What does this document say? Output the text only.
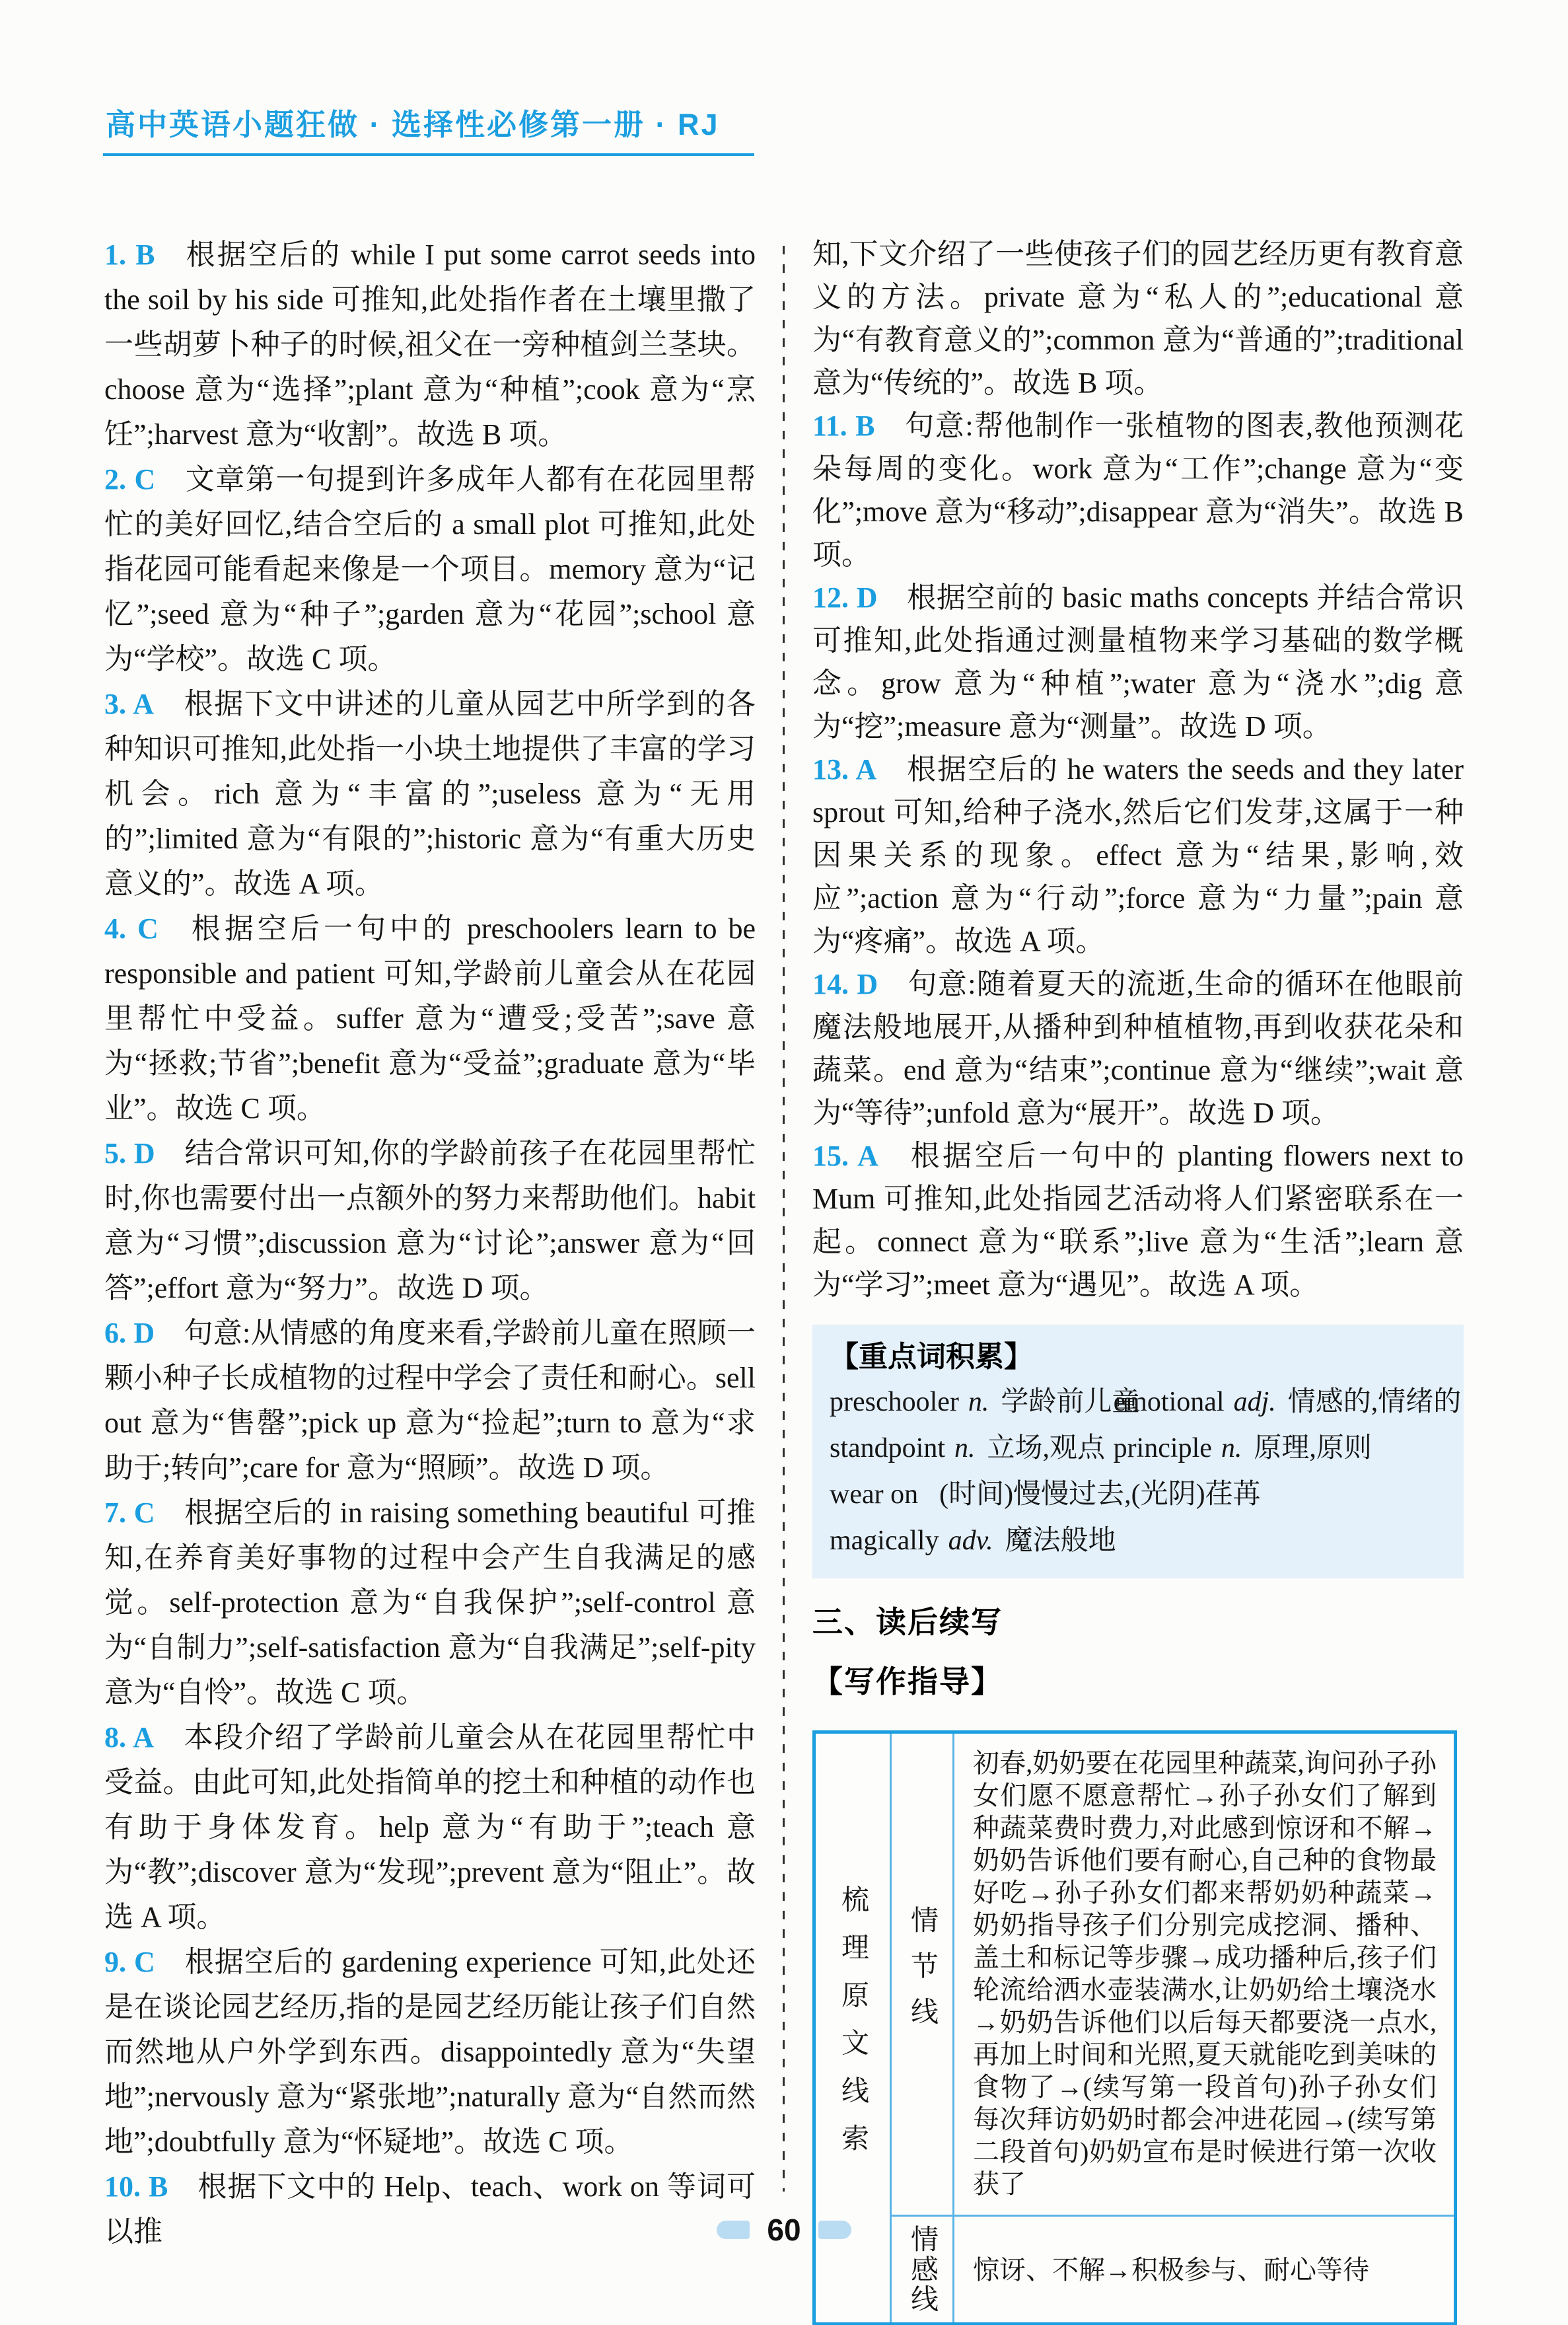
高中英语小题狂做 · 选择性必修第一册 · RJ

1. B 根据空后的 while I put some carrot seeds into the soil by his side 可推知,此处指作者在土壤里撒了一些胡萝卜种子的时候,祖父在一旁种植剑兰茎块。choose 意为“选择”;plant 意为“种植”;cook 意为“烹饪”;harvest 意为“收割”。故选 B 项。

2. C 文章第一句提到许多成年人都有在花园里帮忙的美好回忆,结合空后的 a small plot 可推知,此处指花园可能看起来像是一个项目。memory 意为“记忆”;seed 意为“种子”;garden 意为“花园”;school 意为“学校”。故选 C 项。

3. A 根据下文中讲述的儿童从园艺中所学到的各种知识可推知,此处指一小块土地提供了丰富的学习机会。rich 意为“丰富的”;useless 意为“无用的”;limited 意为“有限的”;historic 意为“有重大历史意义的”。故选 A 项。

4. C 根据空后一句中的 preschoolers learn to be responsible and patient 可知,学龄前儿童会从在花园里帮忙中受益。suffer 意为“遭受;受苦”;save 意为“拯救;节省”;benefit 意为“受益”;graduate 意为“毕业”。故选 C 项。

5. D 结合常识可知,你的学龄前孩子在花园里帮忙时,你也需要付出一点额外的努力来帮助他们。habit 意为“习惯”;discussion 意为“讨论”;answer 意为“回答”;effort 意为“努力”。故选 D 项。

6. D 句意:从情感的角度来看,学龄前儿童在照顾一颗小种子长成植物的过程中学会了责任和耐心。sell out 意为“售罄”;pick up 意为“捡起”;turn to 意为“求助于;转向”;care for 意为“照顾”。故选 D 项。

7. C 根据空后的 in raising something beautiful 可推知,在养育美好事物的过程中会产生自我满足的感觉。self-protection 意为“自我保护”;self-control 意为“自制力”;self-satisfaction 意为“自我满足”;self-pity 意为“自怜”。故选 C 项。

8. A 本段介绍了学龄前儿童会从在花园里帮忙中受益。由此可知,此处指简单的挖土和种植的动作也有助于身体发育。help 意为“有助于”;teach 意为“教”;discover 意为“发现”;prevent 意为“阻止”。故选 A 项。

9. C 根据空后的 gardening experience 可知,此处还是在谈论园艺经历,指的是园艺经历能让孩子们自然而然地从户外学到东西。disappointedly 意为“失望地”;nervously 意为“紧张地”;naturally 意为“自然而然地”;doubtfully 意为“怀疑地”。故选 C 项。

10. B 根据下文中的 Help、teach、work on 等词可以推

知,下文介绍了一些使孩子们的园艺经历更有教育意义的方法。private 意为“私人的”;educational 意为“有教育意义的”;common 意为“普通的”;traditional 意为“传统的”。故选 B 项。

11. B 句意:帮他制作一张植物的图表,教他预测花朵每周的变化。work 意为“工作”;change 意为“变化”;move 意为“移动”;disappear 意为“消失”。故选 B 项。

12. D 根据空前的 basic maths concepts 并结合常识可推知,此处指通过测量植物来学习基础的数学概念。grow 意为“种植”;water 意为“浇水”;dig 意为“挖”;measure 意为“测量”。故选 D 项。

13. A 根据空后的 he waters the seeds and they later sprout 可知,给种子浇水,然后它们发芽,这属于一种因果关系的现象。effect 意为“结果,影响,效应”;action 意为“行动”;force 意为“力量”;pain 意为“疼痛”。故选 A 项。

14. D 句意:随着夏天的流逝,生命的循环在他眼前魔法般地展开,从播种到种植植物,再到收获花朵和蔬菜。end 意为“结束”;continue 意为“继续”;wait 意为“等待”;unfold 意为“展开”。故选 D 项。

15. A 根据空后一句中的 planting flowers next to Mum 可推知,此处指园艺活动将人们紧密联系在一起。connect 意为“联系”;live 意为“生活”;learn 意为“学习”;meet 意为“遇见”。故选 A 项。

【重点词积累】
preschooler n. 学龄前儿童
emotional adj. 情感的,情绪的
standpoint n. 立场,观点 principle n. 原理,原则
wear on (时间)慢慢过去,(光阴)荏苒
magically adv. 魔法般地
三、读后续写
【写作指导】
梳理原文线索 情节线
初春,奶奶要在花园里种蔬菜,询问孙子孙女们愿不愿意帮忙→孙子孙女们了解到种蔬菜费时费力,对此感到惊讶和不解→奶奶告诉他们要有耐心,自己种的食物最好吃→孙子孙女们都来帮奶奶种蔬菜→奶奶指导孩子们分别完成挖洞、播种、盖土和标记等步骤→成功播种后,孩子们轮流给洒水壶装满水,让奶奶给土壤浇水→奶奶告诉他们以后每天都要浇一点水,再加上时间和光照,夏天就能吃到美味的食物了→(续写第一段首句)孙子孙女们每次拜访奶奶时都会冲进花园→(续写第二段首句)奶奶宣布是时候进行第一次收获了
情感线	惊讶、不解→积极参与、耐心等待
60
